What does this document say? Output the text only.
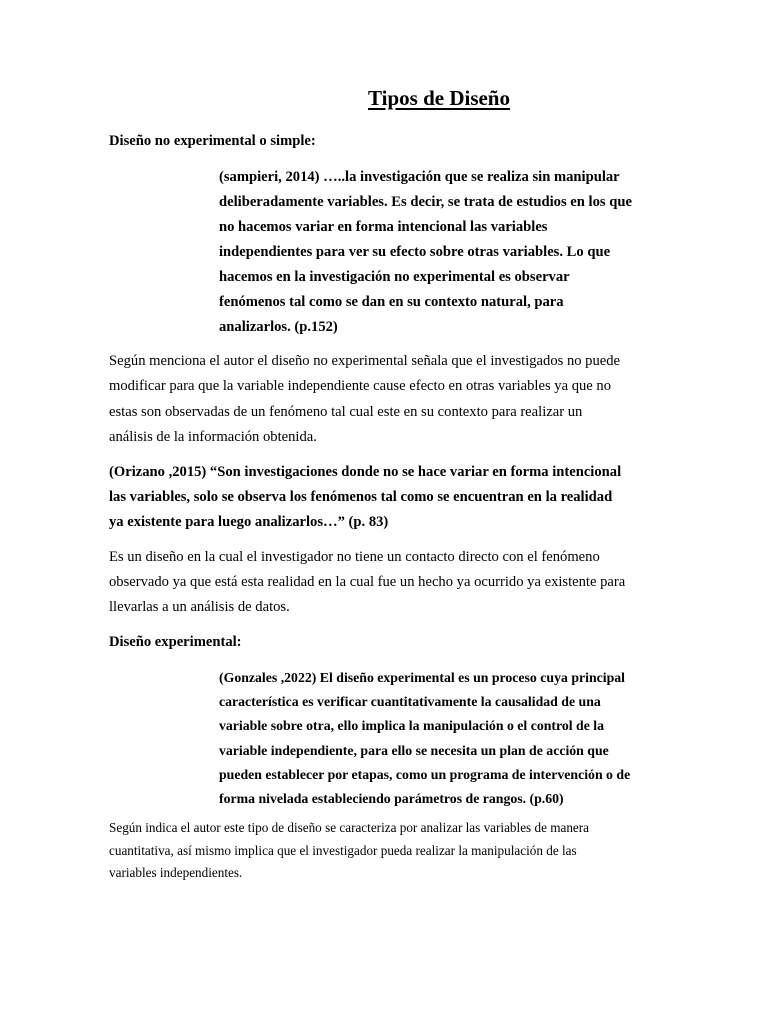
Tipos de Diseño

Diseño no experimental o simple:

(sampieri, 2014) …..la investigación que se realiza sin manipular
deliberadamente variables. Es decir, se trata de estudios en los que
no hacemos variar en forma intencional las variables
independientes para ver su efecto sobre otras variables. Lo que
hacemos en la investigación no experimental es observar
fenómenos tal como se dan en su contexto natural, para
analizarlos. (p.152)
Según menciona el autor el diseño no experimental señala que el investigados no puede
modificar para que la variable independiente cause efecto en otras variables ya que no
estas son observadas de un fenómeno tal cual este en su contexto para realizar un
análisis de la información obtenida.
(Orizano ,2015) “Son investigaciones donde no se hace variar en forma intencional
las variables, solo se observa los fenómenos tal como se encuentran en la realidad
ya existente para luego analizarlos…” (p. 83)
Es un diseño en la cual el investigador no tiene un contacto directo con el fenómeno
observado ya que está esta realidad en la cual fue un hecho ya ocurrido ya existente para
llevarlas a un análisis de datos.

Diseño experimental:

(Gonzales ,2022) El diseño experimental es un proceso cuya principal
característica es verificar cuantitativamente la causalidad de una
variable sobre otra, ello implica la manipulación o el control de la
variable independiente, para ello se necesita un plan de acción que
pueden establecer por etapas, como un programa de intervención o de
forma nivelada estableciendo parámetros de rangos. (p.60)
Según indica el autor este tipo de diseño se caracteriza por analizar las variables de manera
cuantitativa, así mismo implica que el investigador pueda realizar la manipulación de las
variables independientes.
